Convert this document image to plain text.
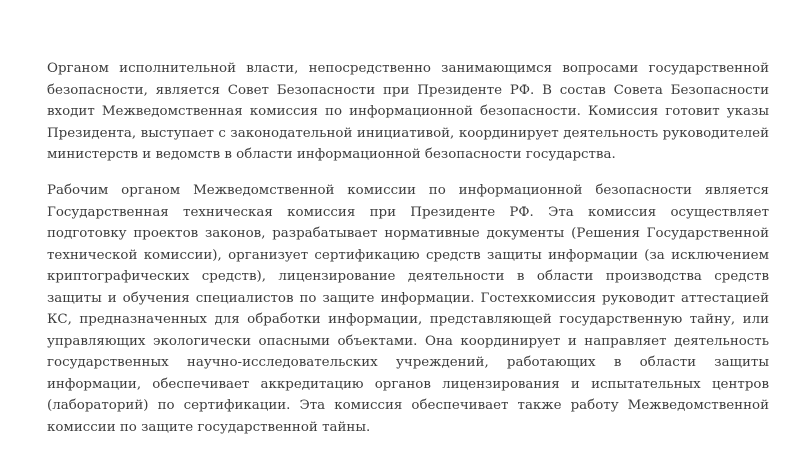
Органом исполнительной власти, непосредственно занимающимся вопросами государственной безопасности, является Совет Безопасности при Президенте РФ. В состав Совета Безопасности входит Межведомственная комиссия по информационной безопасности. Комиссия готовит указы Президента, выступает с законодательной инициативой, координирует деятельность руководителей министерств и ведомств в области информационной безопасности государства.

Рабочим органом Межведомственной комиссии по информационной безопасности является Государственная техническая комиссия при Президенте РФ. Эта комиссия осуществляет подготовку проектов законов, разрабатывает нормативные документы (Решения Государственной технической комиссии), организует сертификацию средств защиты информации (за исключением криптографических средств), лицензирование деятельности в области производства средств защиты и обучения специалистов по защите информации. Гостехкомиссия руководит аттестацией КС, предназначенных для обработки информации, представляющей государственную тайну, или управляющих экологически опасными объектами. Она координирует и направляет деятельность государственных научно-исследовательских учреждений, работающих в области защиты информации, обеспечивает аккредитацию органов лицензирования и испытательных центров (лабораторий) по сертификации. Эта комиссия обеспечивает также работу Межведомственной комиссии по защите государственной тайны.
